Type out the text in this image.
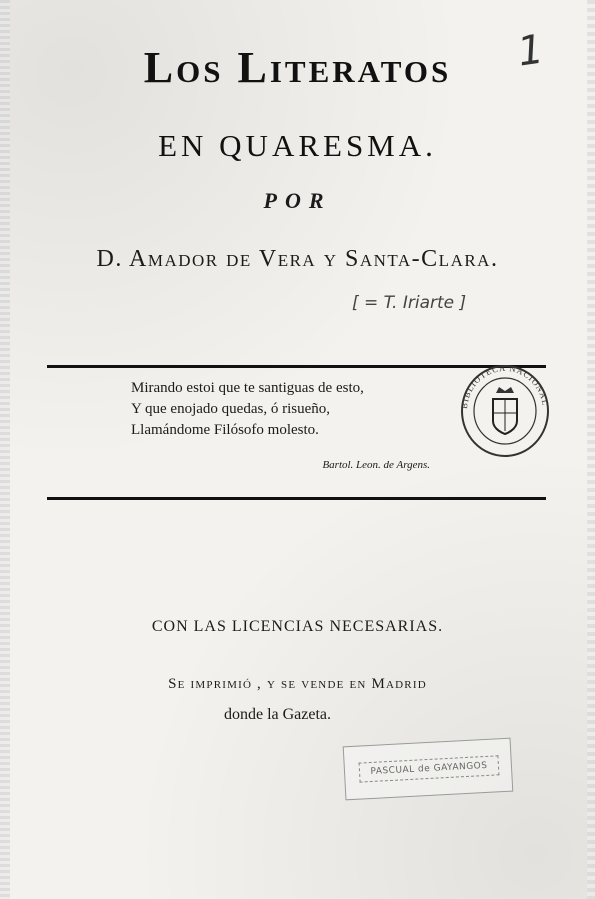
1
Los Literatos
EN QUARESMA.
POR
D. Amador de Vera y Santa-Clara.
[ = T. Iriarte ]
Mirando estoi que te santiguas de esto,
Y que enojado quedas, ó risueño,
Llamándome Filósofo molesto.
Bartol. Leon. de Argens.
BIBLIOTECA NACIONAL
CON LAS LICENCIAS NECESARIAS.
Se imprimió , y se vende en Madrid
donde la Gazeta.
PASCUAL de GAYANGOS
